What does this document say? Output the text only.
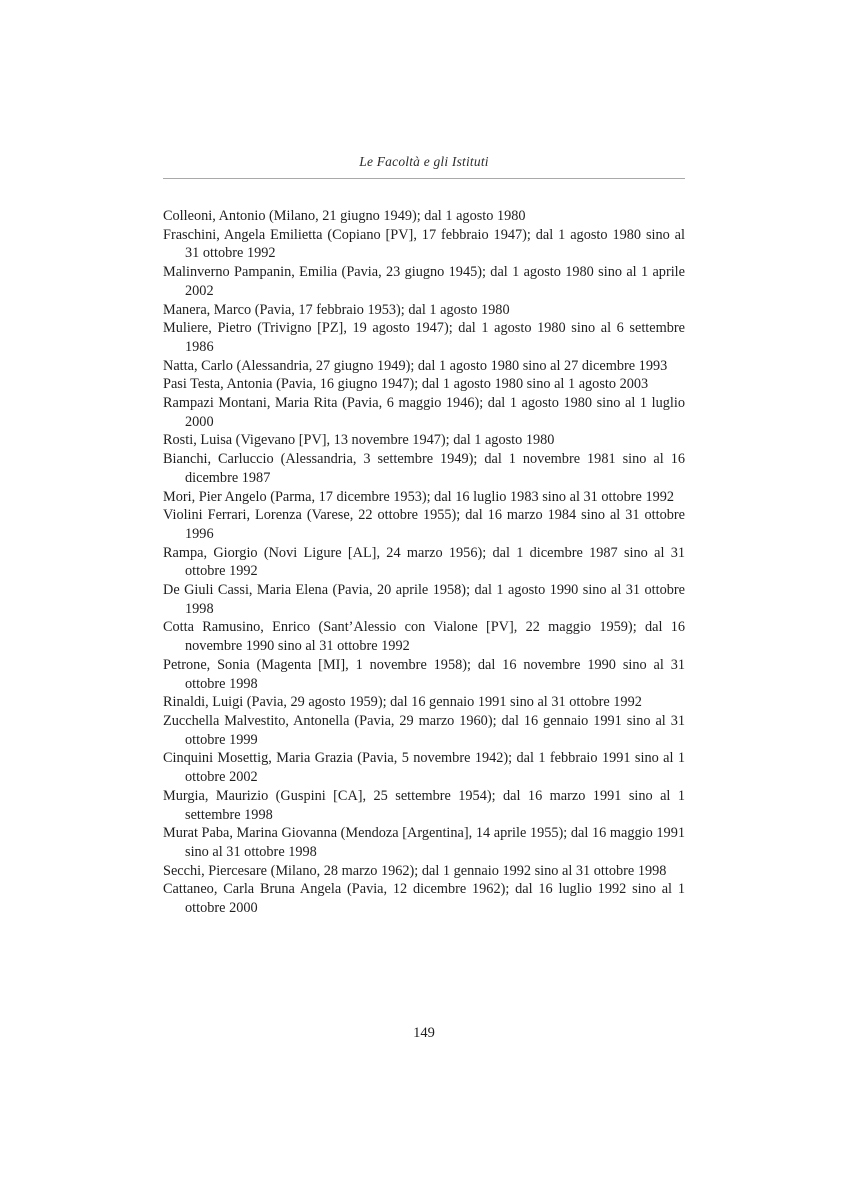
Le Facoltà e gli Istituti

Colleoni, Antonio (Milano, 21 giugno 1949); dal 1 agosto 1980

Fraschini, Angela Emilietta (Copiano [PV], 17 febbraio 1947); dal 1 agosto 1980 sino al 31 ottobre 1992

Malinverno Pampanin, Emilia (Pavia, 23 giugno 1945); dal 1 agosto 1980 sino al 1 aprile 2002

Manera, Marco (Pavia, 17 febbraio 1953); dal 1 agosto 1980

Muliere, Pietro (Trivigno [PZ], 19 agosto 1947); dal 1 agosto 1980 sino al 6 settembre 1986

Natta, Carlo (Alessandria, 27 giugno 1949); dal 1 agosto 1980 sino al 27 dicembre 1993

Pasi Testa, Antonia (Pavia, 16 giugno 1947); dal 1 agosto 1980 sino al 1 agosto 2003

Rampazi Montani, Maria Rita (Pavia, 6 maggio 1946); dal 1 agosto 1980 sino al 1 luglio 2000

Rosti, Luisa (Vigevano [PV], 13 novembre 1947); dal 1 agosto 1980

Bianchi, Carluccio (Alessandria, 3 settembre 1949); dal 1 novembre 1981 sino al 16 dicembre 1987

Mori, Pier Angelo (Parma, 17 dicembre 1953); dal 16 luglio 1983 sino al 31 ottobre 1992

Violini Ferrari, Lorenza (Varese, 22 ottobre 1955); dal 16 marzo 1984 sino al 31 ottobre 1996

Rampa, Giorgio (Novi Ligure [AL], 24 marzo 1956); dal 1 dicembre 1987 sino al 31 ottobre 1992

De Giuli Cassi, Maria Elena (Pavia, 20 aprile 1958); dal 1 agosto 1990 sino al 31 ottobre 1998

Cotta Ramusino, Enrico (Sant’Alessio con Vialone [PV], 22 maggio 1959); dal 16 novembre 1990 sino al 31 ottobre 1992

Petrone, Sonia (Magenta [MI], 1 novembre 1958); dal 16 novembre 1990 sino al 31 ottobre 1998

Rinaldi, Luigi (Pavia, 29 agosto 1959); dal 16 gennaio 1991 sino al 31 ottobre 1992

Zucchella Malvestito, Antonella (Pavia, 29 marzo 1960); dal 16 gennaio 1991 sino al 31 ottobre 1999

Cinquini Mosettig, Maria Grazia (Pavia, 5 novembre 1942); dal 1 febbraio 1991 sino al 1 ottobre 2002

Murgia, Maurizio (Guspini [CA], 25 settembre 1954); dal 16 marzo 1991 sino al 1 settembre 1998

Murat Paba, Marina Giovanna (Mendoza [Argentina], 14 aprile 1955); dal 16 maggio 1991 sino al 31 ottobre 1998

Secchi, Piercesare (Milano, 28 marzo 1962); dal 1 gennaio 1992 sino al 31 ottobre 1998

Cattaneo, Carla Bruna Angela (Pavia, 12 dicembre 1962); dal 16 luglio 1992 sino al 1 ottobre 2000

149
